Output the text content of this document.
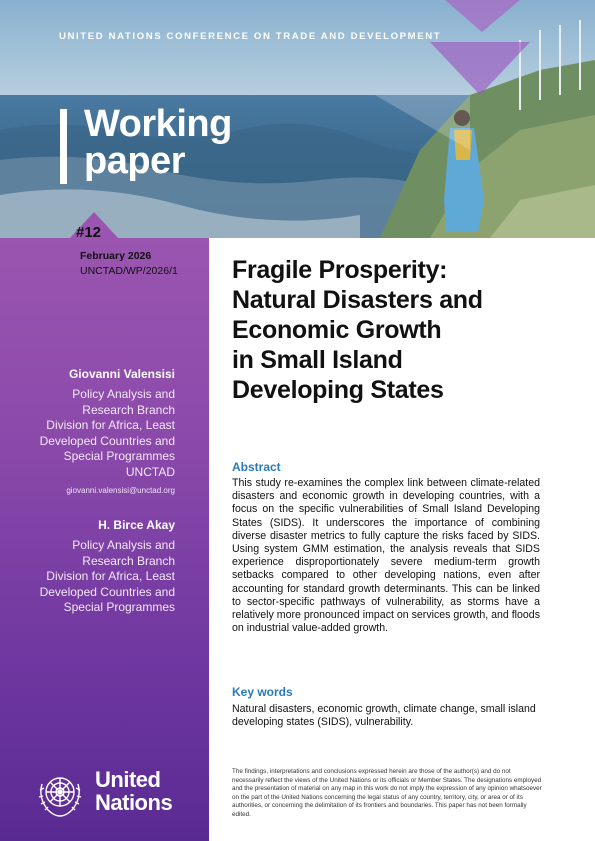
UNITED NATIONS CONFERENCE ON TRADE AND DEVELOPMENT
Working
paper
#12
February 2026
UNCTAD/WP/2026/1
Giovanni Valensisi
Policy Analysis and
Research Branch
Division for Africa, Least
Developed Countries and
Special Programmes
UNCTAD
giovanni.valensisi@unctad.org
H. Birce Akay
Policy Analysis and
Research Branch
Division for Africa, Least
Developed Countries and
Special Programmes
United
Nations
Fragile Prosperity:
Natural Disasters and
Economic Growth
in Small Island
Developing States
Abstract
This study re-examines the complex link between climate-related disasters and economic growth in developing countries, with a focus on the specific vulnerabilities of Small Island Developing States (SIDS). It underscores the importance of combining diverse disaster metrics to fully capture the risks faced by SIDS. Using system GMM estimation, the analysis reveals that SIDS experience disproportionately severe medium-term growth setbacks compared to other developing nations, even after accounting for standard growth determinants. This can be linked to sector-specific pathways of vulnerability, as storms have a relatively more pronounced impact on services growth, and floods on industrial value-added growth.
Key words
Natural disasters, economic growth, climate change, small island developing states (SIDS), vulnerability.
The findings, interpretations and conclusions expressed herein are those of the author(s) and do not necessarily reflect the views of the United Nations or its officials or Member States. The designations employed and the presentation of material on any map in this work do not imply the expression of any opinion whatsoever on the part of the United Nations concerning the legal status of any country, territory, city, or area or of its authorities, or concerning the delimitation of its frontiers and boundaries. This paper has not been formally edited.
